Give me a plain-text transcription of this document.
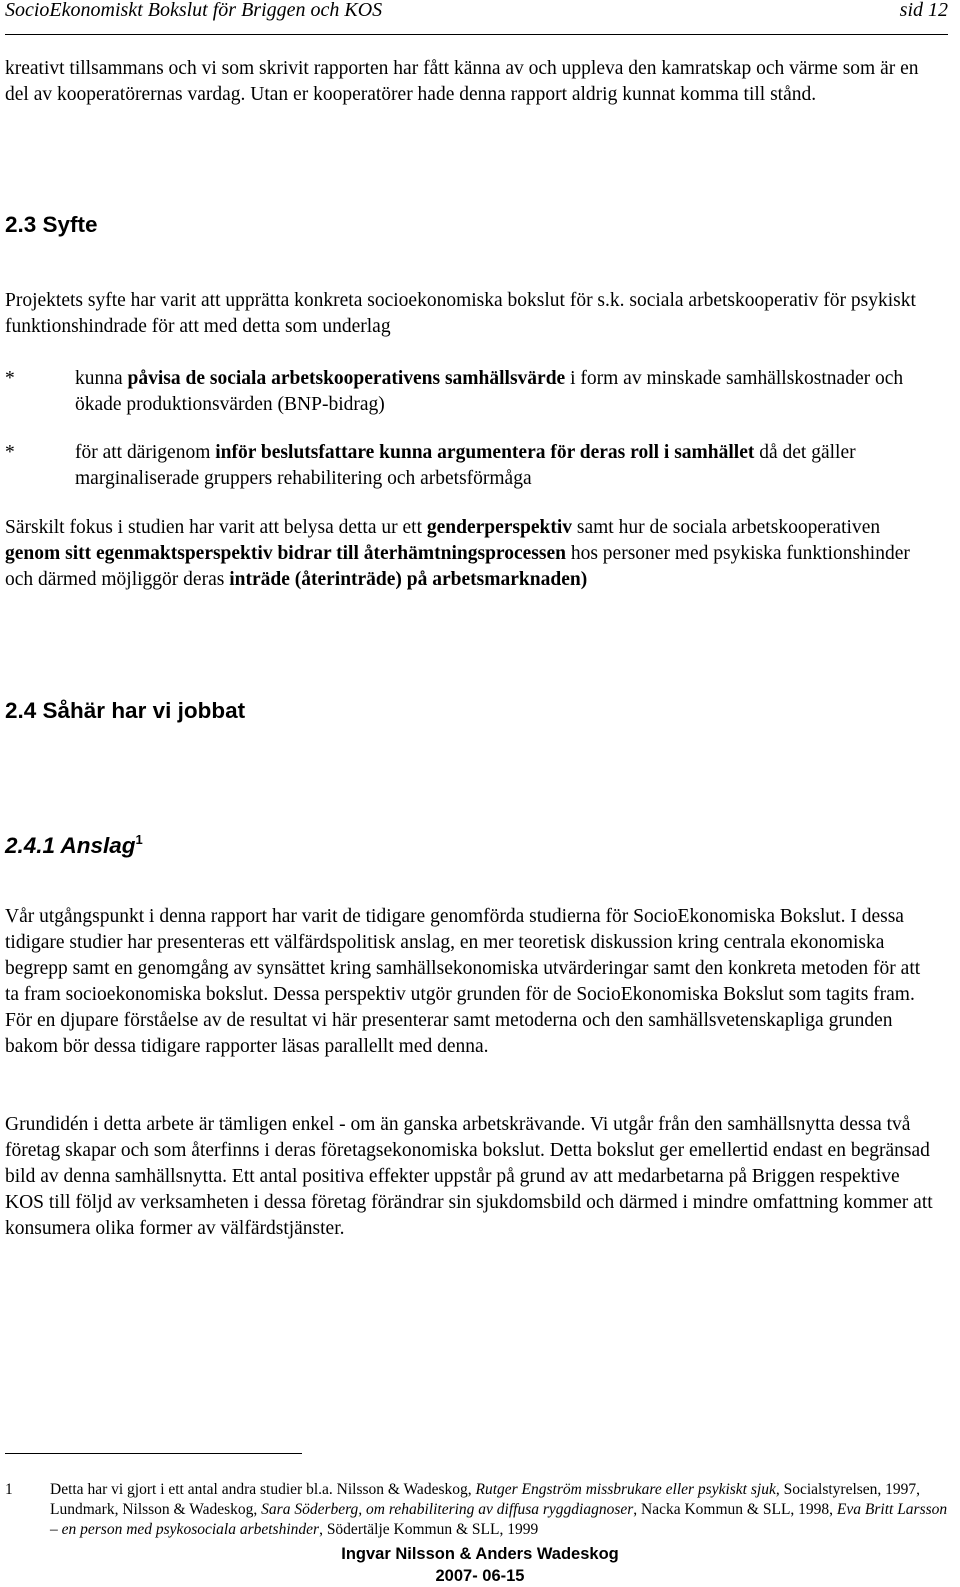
SocioEkonomiskt Bokslut för Briggen och KOS	sid 12

kreativt tillsammans och vi som skrivit rapporten har fått känna av och uppleva den kamratskap och värme som är en del av kooperatörernas vardag. Utan er kooperatörer hade denna rapport aldrig kunnat komma till stånd.

2.3 Syfte

Projektets syfte har varit att upprätta konkreta socioekonomiska bokslut för s.k. sociala arbetskooperativ för psykiskt funktionshindrade för att med detta som underlag

*	kunna påvisa de sociala arbetskooperativens samhällsvärde i form av minskade samhällskostnader och ökade produktionsvärden (BNP-bidrag)
*	för att därigenom inför beslutsfattare kunna argumentera för deras roll i samhället då det gäller marginaliserade gruppers rehabilitering och arbetsförmåga

Särskilt fokus i studien har varit att belysa detta ur ett genderperspektiv samt hur de sociala arbetskooperativen genom sitt egenmaktsperspektiv bidrar till återhämtningsprocessen hos personer med psykiska funktionshinder och därmed möjliggör deras inträde (återinträde) på arbetsmarknaden)

2.4 Såhär har vi jobbat
2.4.1 Anslag$^1$

Vår utgångspunkt i denna rapport har varit de tidigare genomförda studierna för SocioEkonomiska Bokslut. I dessa tidigare studier har presenteras ett välfärdspolitisk anslag, en mer teoretisk diskussion kring centrala ekonomiska begrepp samt en genomgång av synsättet kring samhällsekonomiska utvärderingar samt den konkreta metoden för att ta fram socioekonomiska bokslut. Dessa perspektiv utgör grunden för de SocioEkonomiska Bokslut som tagits fram. För en djupare förståelse av de resultat vi här presenterar samt metoderna och den samhällsvetenskapliga grunden bakom bör dessa tidigare rapporter läsas parallellt med denna.

Grundidén i detta arbete är tämligen enkel - om än ganska arbetskrävande. Vi utgår från den samhällsnytta dessa två företag skapar och som återfinns i deras företagsekonomiska bokslut. Detta bokslut ger emellertid endast en begränsad bild av denna samhällsnytta. Ett antal positiva effekter uppstår på grund av att medarbetarna på Briggen respektive KOS till följd av verksamheten i dessa företag förändrar sin sjukdomsbild och därmed i mindre omfattning kommer att konsumera olika former av välfärdstjänster.

1 Detta har vi gjort i ett antal andra studier bl.a. Nilsson & Wadeskog, Rutger Engström missbrukare eller psykiskt sjuk, Socialstyrelsen, 1997, Lundmark, Nilsson & Wadeskog, Sara Söderberg, om rehabilitering av diffusa ryggdiagnoser, Nacka Kommun & SLL, 1998, Eva Britt Larsson – en person med psykosociala arbetshinder, Södertälje Kommun & SLL, 1999
Ingvar Nilsson & Anders Wadeskog
2007- 06-15
